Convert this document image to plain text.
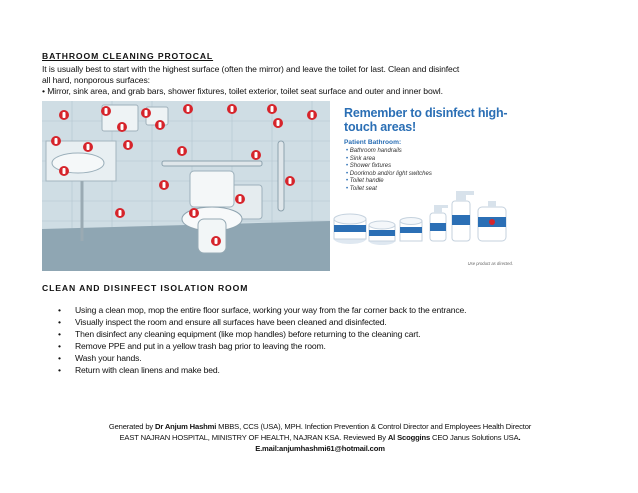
BATHROOM CLEANING PROTOCAL

It is usually best to start with the highest surface (often the mirror) and leave the toilet for last. Clean and disinfect

all hard, nonporous surfaces:

• Mirror, sink area, and grab bars, shower fixtures, toilet exterior, toilet seat surface and outer and inner bowl.

Remember to disinfect high-touch areas!
Patient Bathroom:
• Bathroom handrails
• Sink area
• Shower fixtures
• Doorknob and/or light switches
• Toilet handle
• Toilet seat
Use product as directed.
CLEAN AND DISINFECT ISOLATION ROOM
• Using a clean mop, mop the entire floor surface, working your way from the far corner back to the entrance.
• Visually inspect the room and ensure all surfaces have been cleaned and disinfected.
• Then disinfect any cleaning equipment (like mop handles) before returning to the cleaning cart.
• Remove PPE and put in a yellow trash bag prior to leaving the room.
• Wash your hands.
• Return with clean linens and make bed.
Generated by Dr Anjum Hashmi MBBS, CCS (USA), MPH. Infection Prevention & Control Director and Employees Health Director
EAST NAJRAN HOSPITAL, MINISTRY OF HEALTH, NAJRAN KSA. Reviewed By Al Scoggins CEO Janus Solutions USA.
E.mail:anjumhashmi61@hotmail.com
